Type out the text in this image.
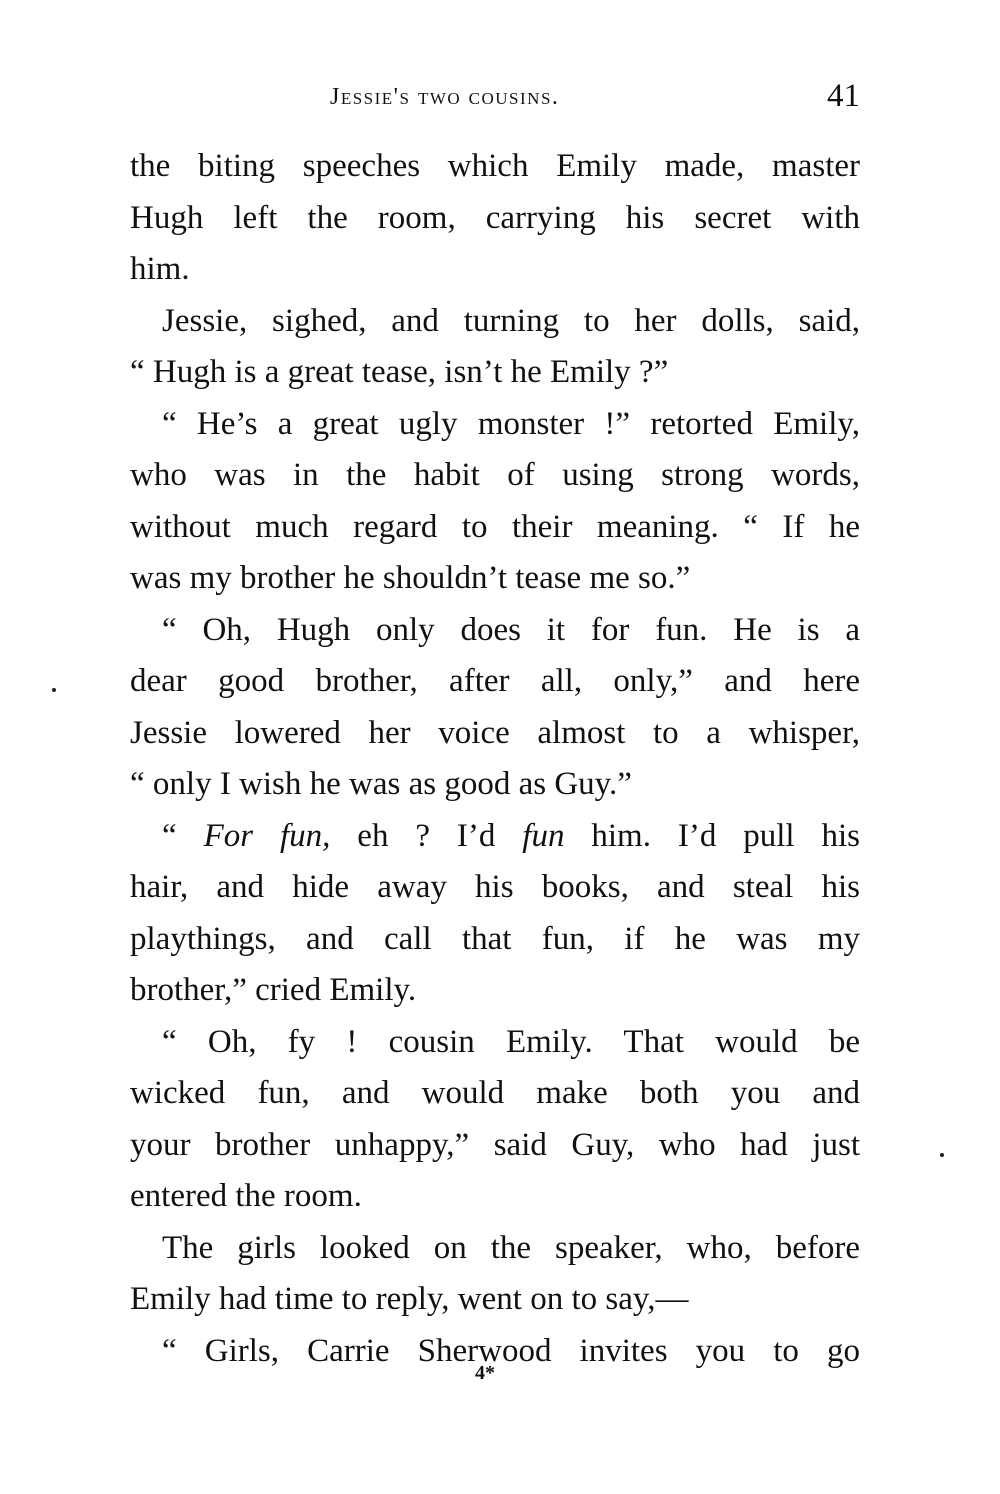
Jessie's two cousins.	41
the biting speeches which Emily made, master
Hugh left the room, carrying his secret with
him.
Jessie, sighed, and turning to her dolls, said,
“ Hugh is a great tease, isn’t he Emily ?”
“ He’s a great ugly monster !” retorted Emily,
who was in the habit of using strong words,
without much regard to their meaning. “ If he
was my brother he shouldn’t tease me so.”
“ Oh, Hugh only does it for fun. He is a
dear good brother, after all, only,” and here
Jessie lowered her voice almost to a whisper,
“ only I wish he was as good as Guy.”
“ For fun, eh ? I’d fun him. I’d pull his
hair, and hide away his books, and steal his
playthings, and call that fun, if he was my
brother,” cried Emily.
“ Oh, fy ! cousin Emily. That would be
wicked fun, and would make both you and
your brother unhappy,” said Guy, who had just
entered the room.
The girls looked on the speaker, who, before
Emily had time to reply, went on to say,—
“ Girls, Carrie Sherwood invites you to go
4*
